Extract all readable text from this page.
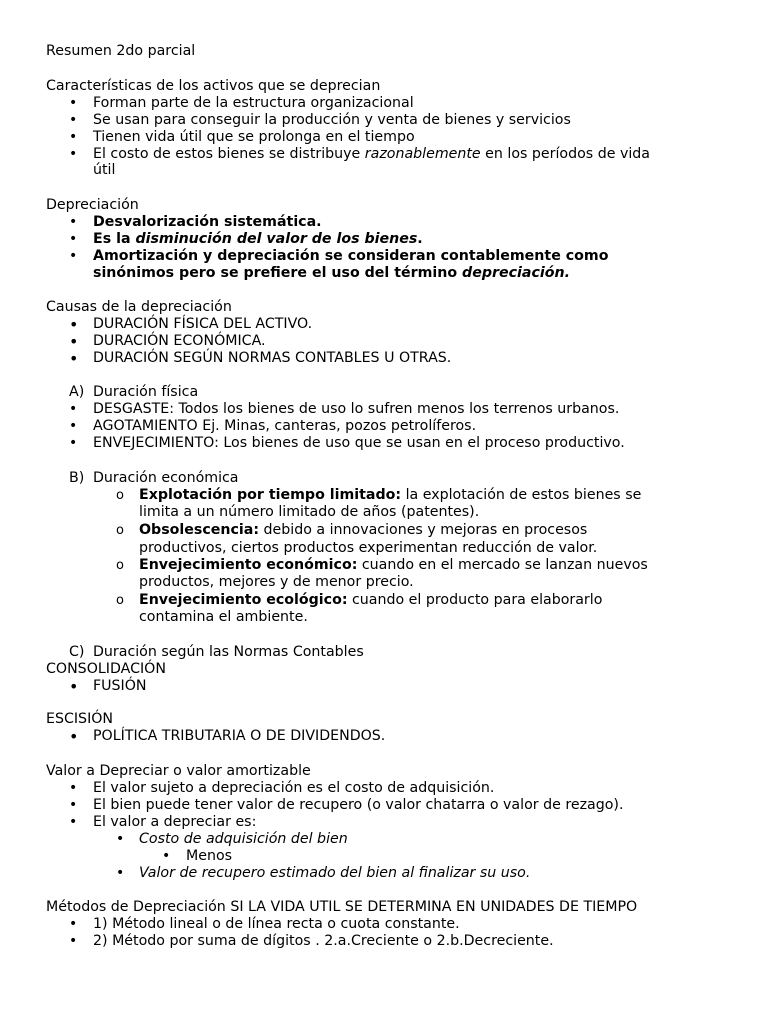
Resumen 2do parcial
Características de los activos que se deprecian
• Forman parte de la estructura organizacional
• Se usan para conseguir la producción y venta de bienes y servicios
• Tienen vida útil que se prolonga en el tiempo
• El costo de estos bienes se distribuye razonablemente en los períodos de vida
útil
Depreciación
• Desvalorización sistemática.
• Es la disminución del valor de los bienes.
• Amortización y depreciación se consideran contablemente como
sinónimos pero se prefiere el uso del término depreciación.
Causas de la depreciación
• DURACIÓN FÍSICA DEL ACTIVO.
• DURACIÓN ECONÓMICA.
• DURACIÓN SEGÚN NORMAS CONTABLES U OTRAS.
A) Duración física
• DESGASTE: Todos los bienes de uso lo sufren menos los terrenos urbanos.
• AGOTAMIENTO Ej. Minas, canteras, pozos petrolíferos.
• ENVEJECIMIENTO: Los bienes de uso que se usan en el proceso productivo.
B) Duración económica
o Explotación por tiempo limitado: la explotación de estos bienes se
limita a un número limitado de años (patentes).
o Obsolescencia: debido a innovaciones y mejoras en procesos
productivos, ciertos productos experimentan reducción de valor.
o Envejecimiento económico: cuando en el mercado se lanzan nuevos
productos, mejores y de menor precio.
o Envejecimiento ecológico: cuando el producto para elaborarlo
contamina el ambiente.
C) Duración según las Normas Contables
CONSOLIDACIÓN
• FUSIÓN
ESCISIÓN
• POLÍTICA TRIBUTARIA O DE DIVIDENDOS.
Valor a Depreciar o valor amortizable
• El valor sujeto a depreciación es el costo de adquisición.
• El bien puede tener valor de recupero (o valor chatarra o valor de rezago).
• El valor a depreciar es:
• Costo de adquisición del bien
• Menos
• Valor de recupero estimado del bien al finalizar su uso.
Métodos de Depreciación SI LA VIDA UTIL SE DETERMINA EN UNIDADES DE TIEMPO
• 1) Método lineal o de línea recta o cuota constante.
• 2) Método por suma de dígitos . 2.a.Creciente o 2.b.Decreciente.
